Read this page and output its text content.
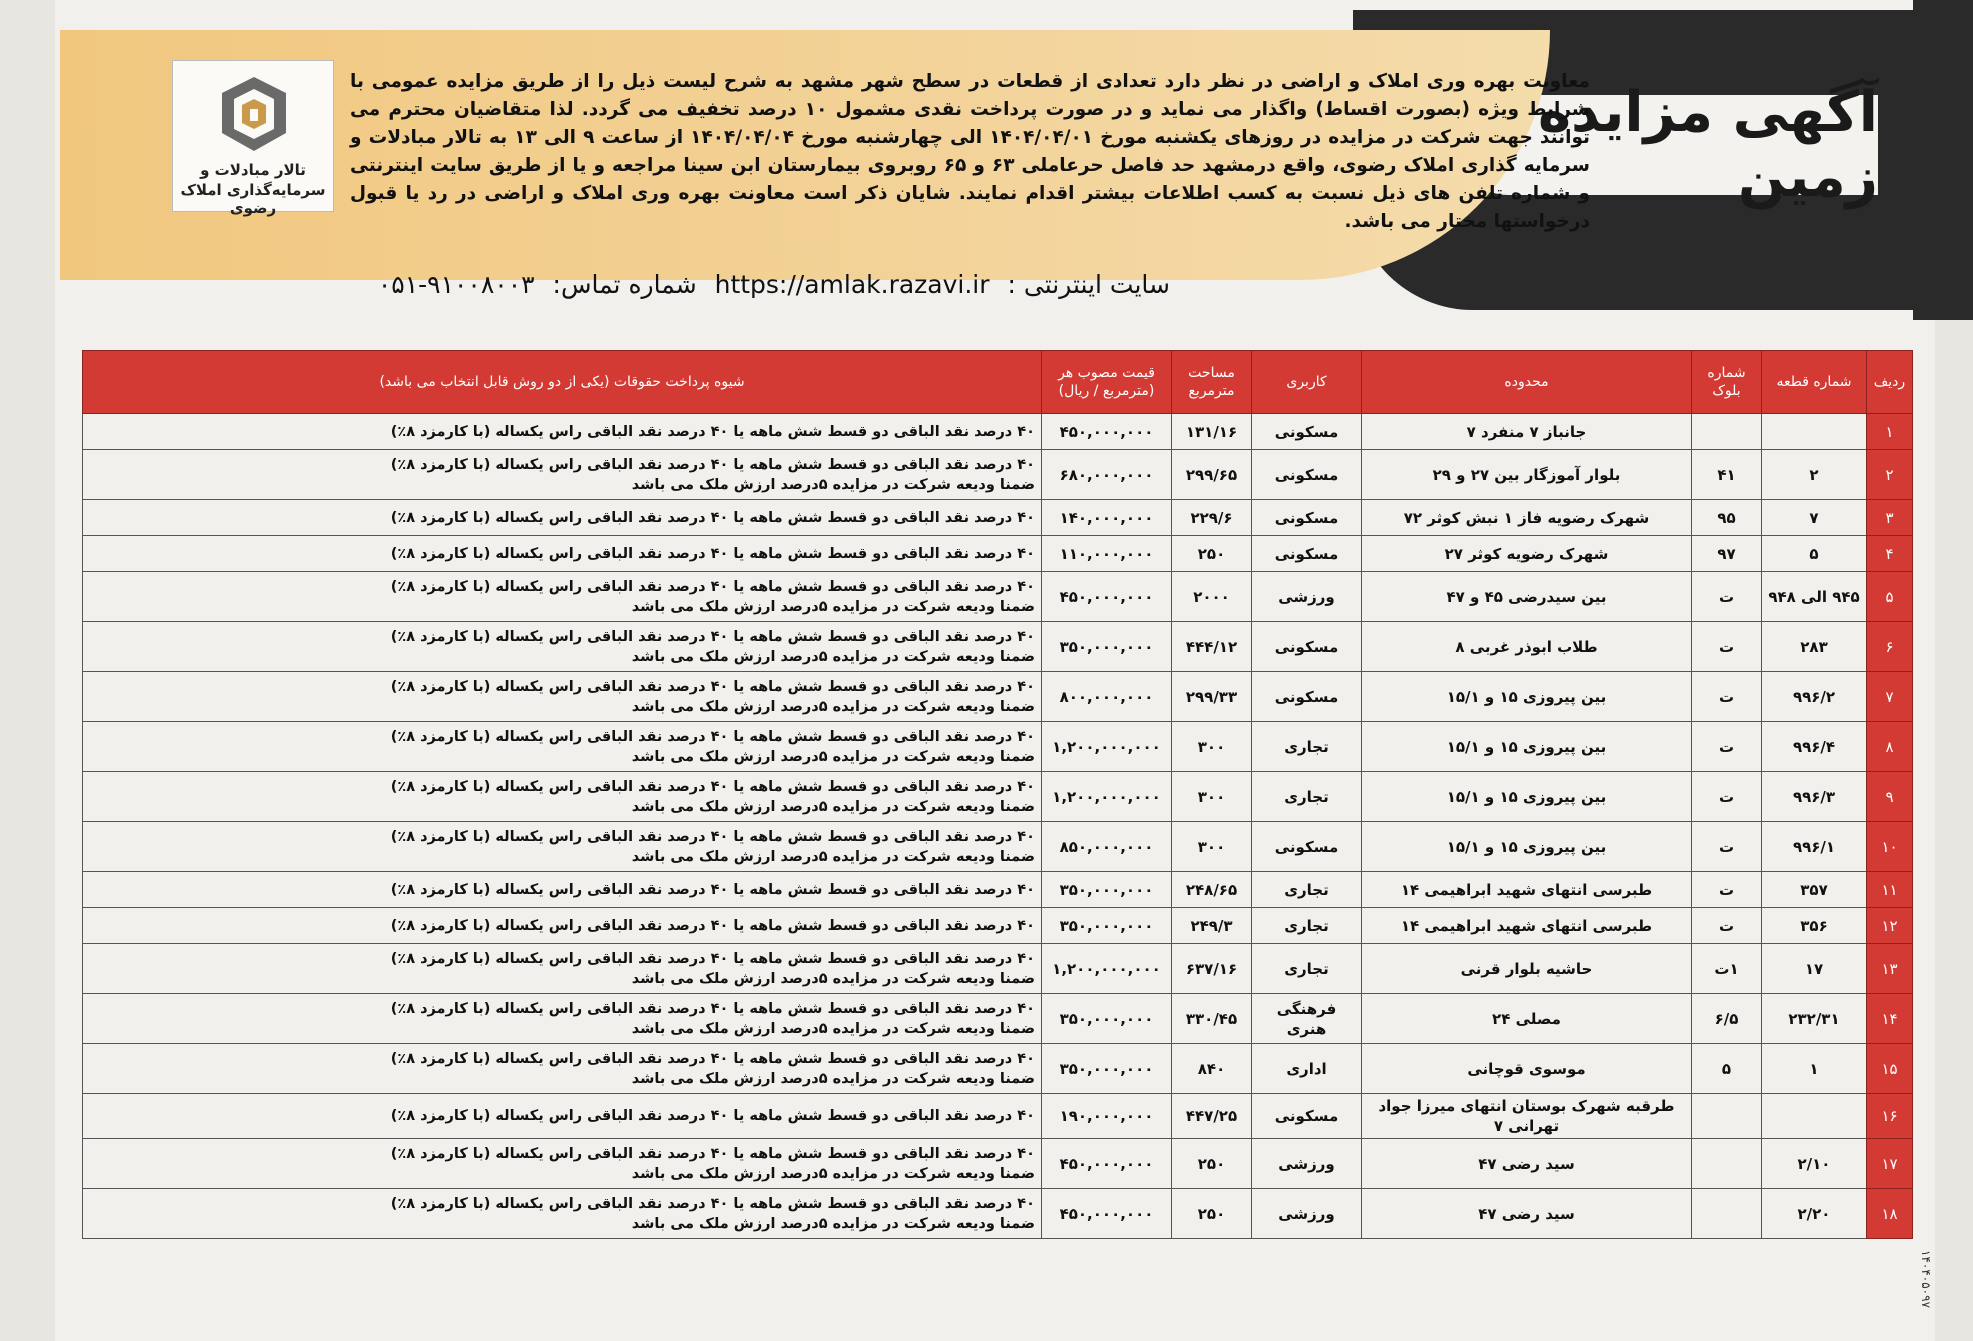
آگهی مزایده زمین
تالار مبادلات و
سرمایه‌گذاری املاک رضوی
معاونت بهره وری املاک و اراضی در نظر دارد تعدادی از قطعات در سطح شهر مشهد به شرح لیست ذیل را از طریق مزایده عمومی با شرایط ویژه (بصورت اقساط) واگذار می نماید و در صورت پرداخت نقدی مشمول ۱۰ درصد تخفیف می گردد. لذا متقاضیان محترم می توانند جهت شرکت در مزایده در روزهای یکشنبه مورخ ۱۴۰۴/۰۴/۰۱ الی چهارشنبه مورخ ۱۴۰۴/۰۴/۰۴ از ساعت ۹ الی ۱۳ به تالار مبادلات و سرمایه گذاری املاک رضوی، واقع درمشهد حد فاصل حرعاملی ۶۳ و ۶۵ روبروی بیمارستان ابن سینا مراجعه و یا از طریق سایت اینترنتی و شماره تلفن های ذیل نسبت به کسب اطلاعات بیشتر اقدام نمایند. شایان ذکر است معاونت بهره وری املاک و اراضی در رد یا قبول درخواستها مختار می باشد.
سایت اینترنتی : https://amlak.razavi.ir شماره تماس: ۰۵۱-۹۱۰۰۸۰۰۳
ردیف	شماره قطعه	شماره بلوک	محدوده	کاربری	مساحت مترمربع	قیمت مصوب هر (مترمربع / ریال)	شیوه پرداخت حقوقات (یکی از دو روش قابل انتخاب می باشد)
۱			جانباز ۷ منفرد ۷	مسکونی	۱۳۱/۱۶	۴۵۰,۰۰۰,۰۰۰	۴۰ درصد نقد الباقی دو قسط شش ماهه یا ۴۰ درصد نقد الباقی راس یکساله (با کارمزد ۸٪)

۲	۲	۴۱	بلوار آموزگار بین ۲۷ و ۲۹	مسکونی	۲۹۹/۶۵	۶۸۰,۰۰۰,۰۰۰	۴۰ درصد نقد الباقی دو قسط شش ماهه یا ۴۰ درصد نقد الباقی راس یکساله (با کارمزد ۸٪)
ضمنا ودیعه شرکت در مزایده ۵درصد ارزش ملک می باشد

۳	۷	۹۵	شهرک رضویه فاز ۱ نبش کوثر ۷۲	مسکونی	۲۲۹/۶	۱۴۰,۰۰۰,۰۰۰	۴۰ درصد نقد الباقی دو قسط شش ماهه یا ۴۰ درصد نقد الباقی راس یکساله (با کارمزد ۸٪)

۴	۵	۹۷	شهرک رضویه کوثر ۲۷	مسکونی	۲۵۰	۱۱۰,۰۰۰,۰۰۰	۴۰ درصد نقد الباقی دو قسط شش ماهه یا ۴۰ درصد نقد الباقی راس یکساله (با کارمزد ۸٪)

۵	۹۴۵ الی ۹۴۸	ت	بین سیدرضی ۴۵ و ۴۷	ورزشی	۲۰۰۰	۴۵۰,۰۰۰,۰۰۰	۴۰ درصد نقد الباقی دو قسط شش ماهه یا ۴۰ درصد نقد الباقی راس یکساله (با کارمزد ۸٪)
ضمنا ودیعه شرکت در مزایده ۵درصد ارزش ملک می باشد

۶	۲۸۳	ت	طلاب ابوذر غربی ۸	مسکونی	۴۴۴/۱۲	۳۵۰,۰۰۰,۰۰۰	۴۰ درصد نقد الباقی دو قسط شش ماهه یا ۴۰ درصد نقد الباقی راس یکساله (با کارمزد ۸٪)
ضمنا ودیعه شرکت در مزایده ۵درصد ارزش ملک می باشد

۷	۹۹۶/۲	ت	بین پیروزی ۱۵ و ۱۵/۱	مسکونی	۲۹۹/۳۳	۸۰۰,۰۰۰,۰۰۰	۴۰ درصد نقد الباقی دو قسط شش ماهه یا ۴۰ درصد نقد الباقی راس یکساله (با کارمزد ۸٪)
ضمنا ودیعه شرکت در مزایده ۵درصد ارزش ملک می باشد

۸	۹۹۶/۴	ت	بین پیروزی ۱۵ و ۱۵/۱	تجاری	۳۰۰	۱,۲۰۰,۰۰۰,۰۰۰	۴۰ درصد نقد الباقی دو قسط شش ماهه یا ۴۰ درصد نقد الباقی راس یکساله (با کارمزد ۸٪)
ضمنا ودیعه شرکت در مزایده ۵درصد ارزش ملک می باشد

۹	۹۹۶/۳	ت	بین پیروزی ۱۵ و ۱۵/۱	تجاری	۳۰۰	۱,۲۰۰,۰۰۰,۰۰۰	۴۰ درصد نقد الباقی دو قسط شش ماهه یا ۴۰ درصد نقد الباقی راس یکساله (با کارمزد ۸٪)
ضمنا ودیعه شرکت در مزایده ۵درصد ارزش ملک می باشد

۱۰	۹۹۶/۱	ت	بین پیروزی ۱۵ و ۱۵/۱	مسکونی	۳۰۰	۸۵۰,۰۰۰,۰۰۰	۴۰ درصد نقد الباقی دو قسط شش ماهه یا ۴۰ درصد نقد الباقی راس یکساله (با کارمزد ۸٪)
ضمنا ودیعه شرکت در مزایده ۵درصد ارزش ملک می باشد

۱۱	۳۵۷	ت	طبرسی انتهای شهید ابراهیمی ۱۴	تجاری	۲۴۸/۶۵	۳۵۰,۰۰۰,۰۰۰	۴۰ درصد نقد الباقی دو قسط شش ماهه یا ۴۰ درصد نقد الباقی راس یکساله (با کارمزد ۸٪)

۱۲	۳۵۶	ت	طبرسی انتهای شهید ابراهیمی ۱۴	تجاری	۲۴۹/۳	۳۵۰,۰۰۰,۰۰۰	۴۰ درصد نقد الباقی دو قسط شش ماهه یا ۴۰ درصد نقد الباقی راس یکساله (با کارمزد ۸٪)

۱۳	۱۷	۱ت	حاشیه بلوار قرنی	تجاری	۶۳۷/۱۶	۱,۲۰۰,۰۰۰,۰۰۰	۴۰ درصد نقد الباقی دو قسط شش ماهه یا ۴۰ درصد نقد الباقی راس یکساله (با کارمزد ۸٪)
ضمنا ودیعه شرکت در مزایده ۵درصد ارزش ملک می باشد

۱۴	۲۳۲/۳۱	۶/۵	مصلی ۲۴	فرهنگی هنری	۳۳۰/۴۵	۳۵۰,۰۰۰,۰۰۰	۴۰ درصد نقد الباقی دو قسط شش ماهه یا ۴۰ درصد نقد الباقی راس یکساله (با کارمزد ۸٪)
ضمنا ودیعه شرکت در مزایده ۵درصد ارزش ملک می باشد

۱۵	۱	۵	موسوی قوچانی	اداری	۸۴۰	۳۵۰,۰۰۰,۰۰۰	۴۰ درصد نقد الباقی دو قسط شش ماهه یا ۴۰ درصد نقد الباقی راس یکساله (با کارمزد ۸٪)
ضمنا ودیعه شرکت در مزایده ۵درصد ارزش ملک می باشد

۱۶			طرقبه شهرک بوستان انتهای میرزا جواد تهرانی ۷	مسکونی	۴۴۷/۲۵	۱۹۰,۰۰۰,۰۰۰	۴۰ درصد نقد الباقی دو قسط شش ماهه یا ۴۰ درصد نقد الباقی راس یکساله (با کارمزد ۸٪)

۱۷	۲/۱۰		سید رضی ۴۷	ورزشی	۲۵۰	۴۵۰,۰۰۰,۰۰۰	۴۰ درصد نقد الباقی دو قسط شش ماهه یا ۴۰ درصد نقد الباقی راس یکساله (با کارمزد ۸٪)
ضمنا ودیعه شرکت در مزایده ۵درصد ارزش ملک می باشد

۱۸	۲/۲۰		سید رضی ۴۷	ورزشی	۲۵۰	۴۵۰,۰۰۰,۰۰۰	۴۰ درصد نقد الباقی دو قسط شش ماهه یا ۴۰ درصد نقد الباقی راس یکساله (با کارمزد ۸٪)
ضمنا ودیعه شرکت در مزایده ۵درصد ارزش ملک می باشد
۱۴۰۴۰۵۰۹۷
